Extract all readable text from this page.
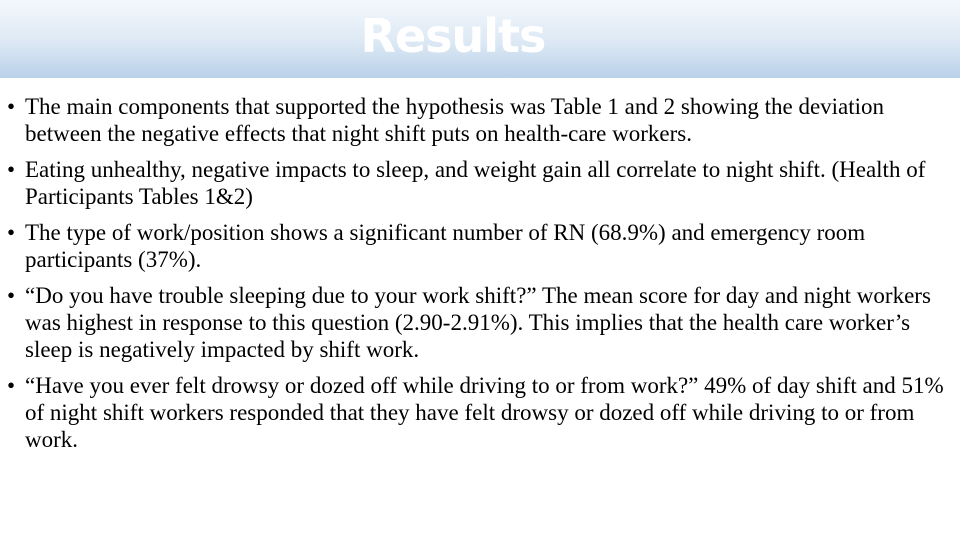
Results
• The main components that supported the hypothesis was Table 1 and 2 showing the deviation between the negative effects that night shift puts on health-care workers.
• Eating unhealthy, negative impacts to sleep, and weight gain all correlate to night shift. (Health of Participants Tables 1&2)
• The type of work/position shows a significant number of RN (68.9%) and emergency room participants (37%).
• “Do you have trouble sleeping due to your work shift?” The mean score for day and night workers was highest in response to this question (2.90-2.91%). This implies that the health care worker’s sleep is negatively impacted by shift work.
• “Have you ever felt drowsy or dozed off while driving to or from work?” 49% of day shift and 51% of night shift workers responded that they have felt drowsy or dozed off while driving to or from work.
